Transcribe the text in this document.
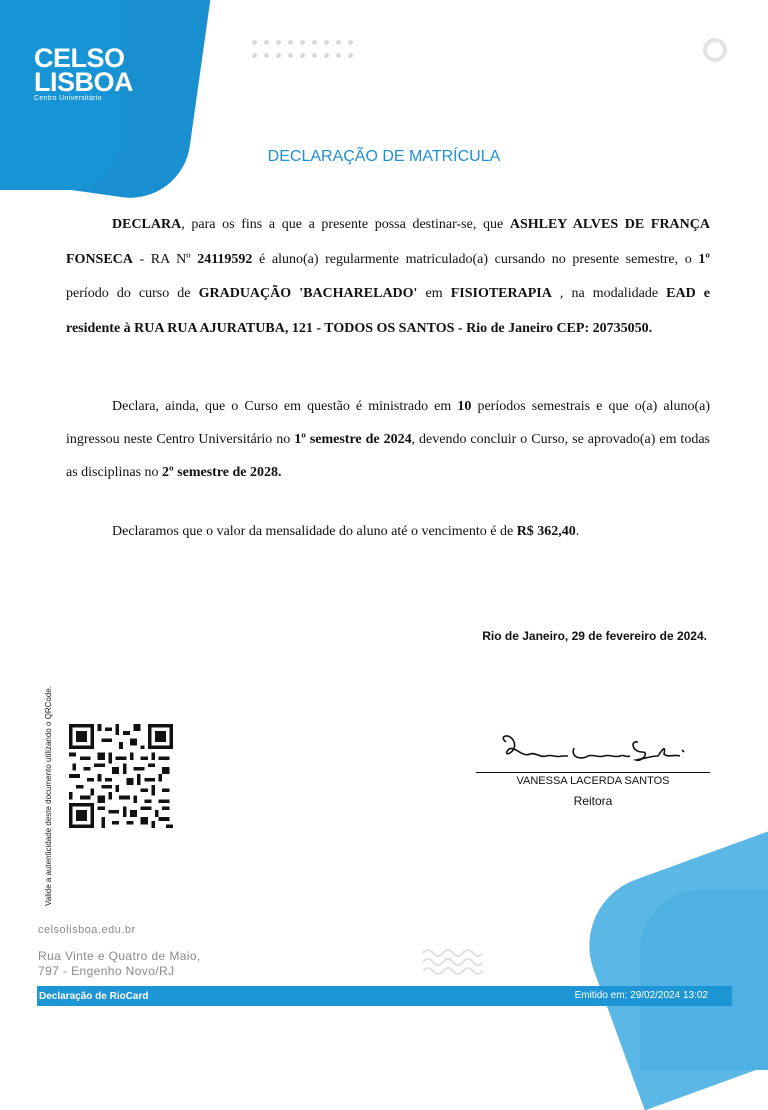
CELSO
LISBOA
Centro Universitário
DECLARAÇÃO DE MATRÍCULA
DECLARA, para os fins a que a presente possa destinar-se, que ASHLEY ALVES DE FRANÇA FONSECA - RA Nº 24119592 é aluno(a) regularmente matriculado(a) cursando no presente semestre, o 1º período do curso de GRADUAÇÃO 'BACHARELADO' em FISIOTERAPIA , na modalidade EAD e residente à RUA RUA AJURATUBA, 121 - TODOS OS SANTOS - Rio de Janeiro CEP: 20735050.
Declara, ainda, que o Curso em questão é ministrado em 10 períodos semestrais e que o(a) aluno(a) ingressou neste Centro Universitário no 1º semestre de 2024, devendo concluir o Curso, se aprovado(a) em todas as disciplinas no 2º semestre de 2028.
Declaramos que o valor da mensalidade do aluno até o vencimento é de R$ 362,40.
Rio de Janeiro, 29 de fevereiro de 2024.
VANESSA LACERDA SANTOS
Reitora
Valide a autenticidade deste documento utilizando o QRCode.
celsolisboa.edu.br
Rua Vinte e Quatro de Maio,
797 - Engenho Novo/RJ
Declaração de RioCard	Emitido em: 29/02/2024 13:02
